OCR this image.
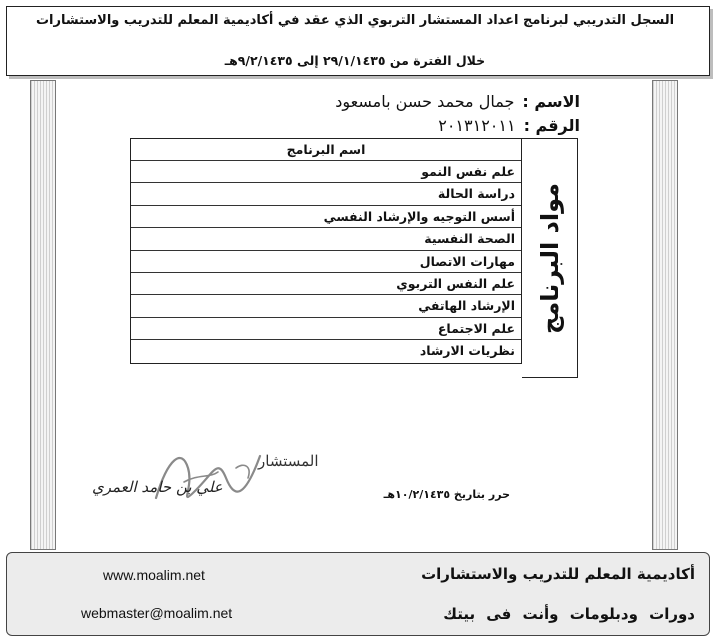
السجل التدريبي لبرنامج اعداد المستشار التربوي الذي عقد في أكاديمية المعلم للتدريب والاستشارات
خلال الفترة من ٢٩/١/١٤٣٥ إلى ٩/٢/١٤٣٥هـ
الاسم :جمال محمد حسن بامسعود
الرقم :٢٠١٣١٢٠١١
اسم البرنامج
علم نفس النمو
دراسة الحالة
أسس التوجيه والإرشاد النفسي
الصحة النفسية
مهارات الاتصال
علم النفس التربوي
الإرشاد الهاتفي
علم الاجتماع
نظريات الارشاد
مواد البرنامج
المستشار
علي بن حامد العمري	حرر بتاريخ ١٠/٢/١٤٣٥هـ
أكاديمية المعلم للتدريب والاستشارات
دورات ودبلومات وأنت فى بيتك
www.moalim.net
webmaster@moalim.net
